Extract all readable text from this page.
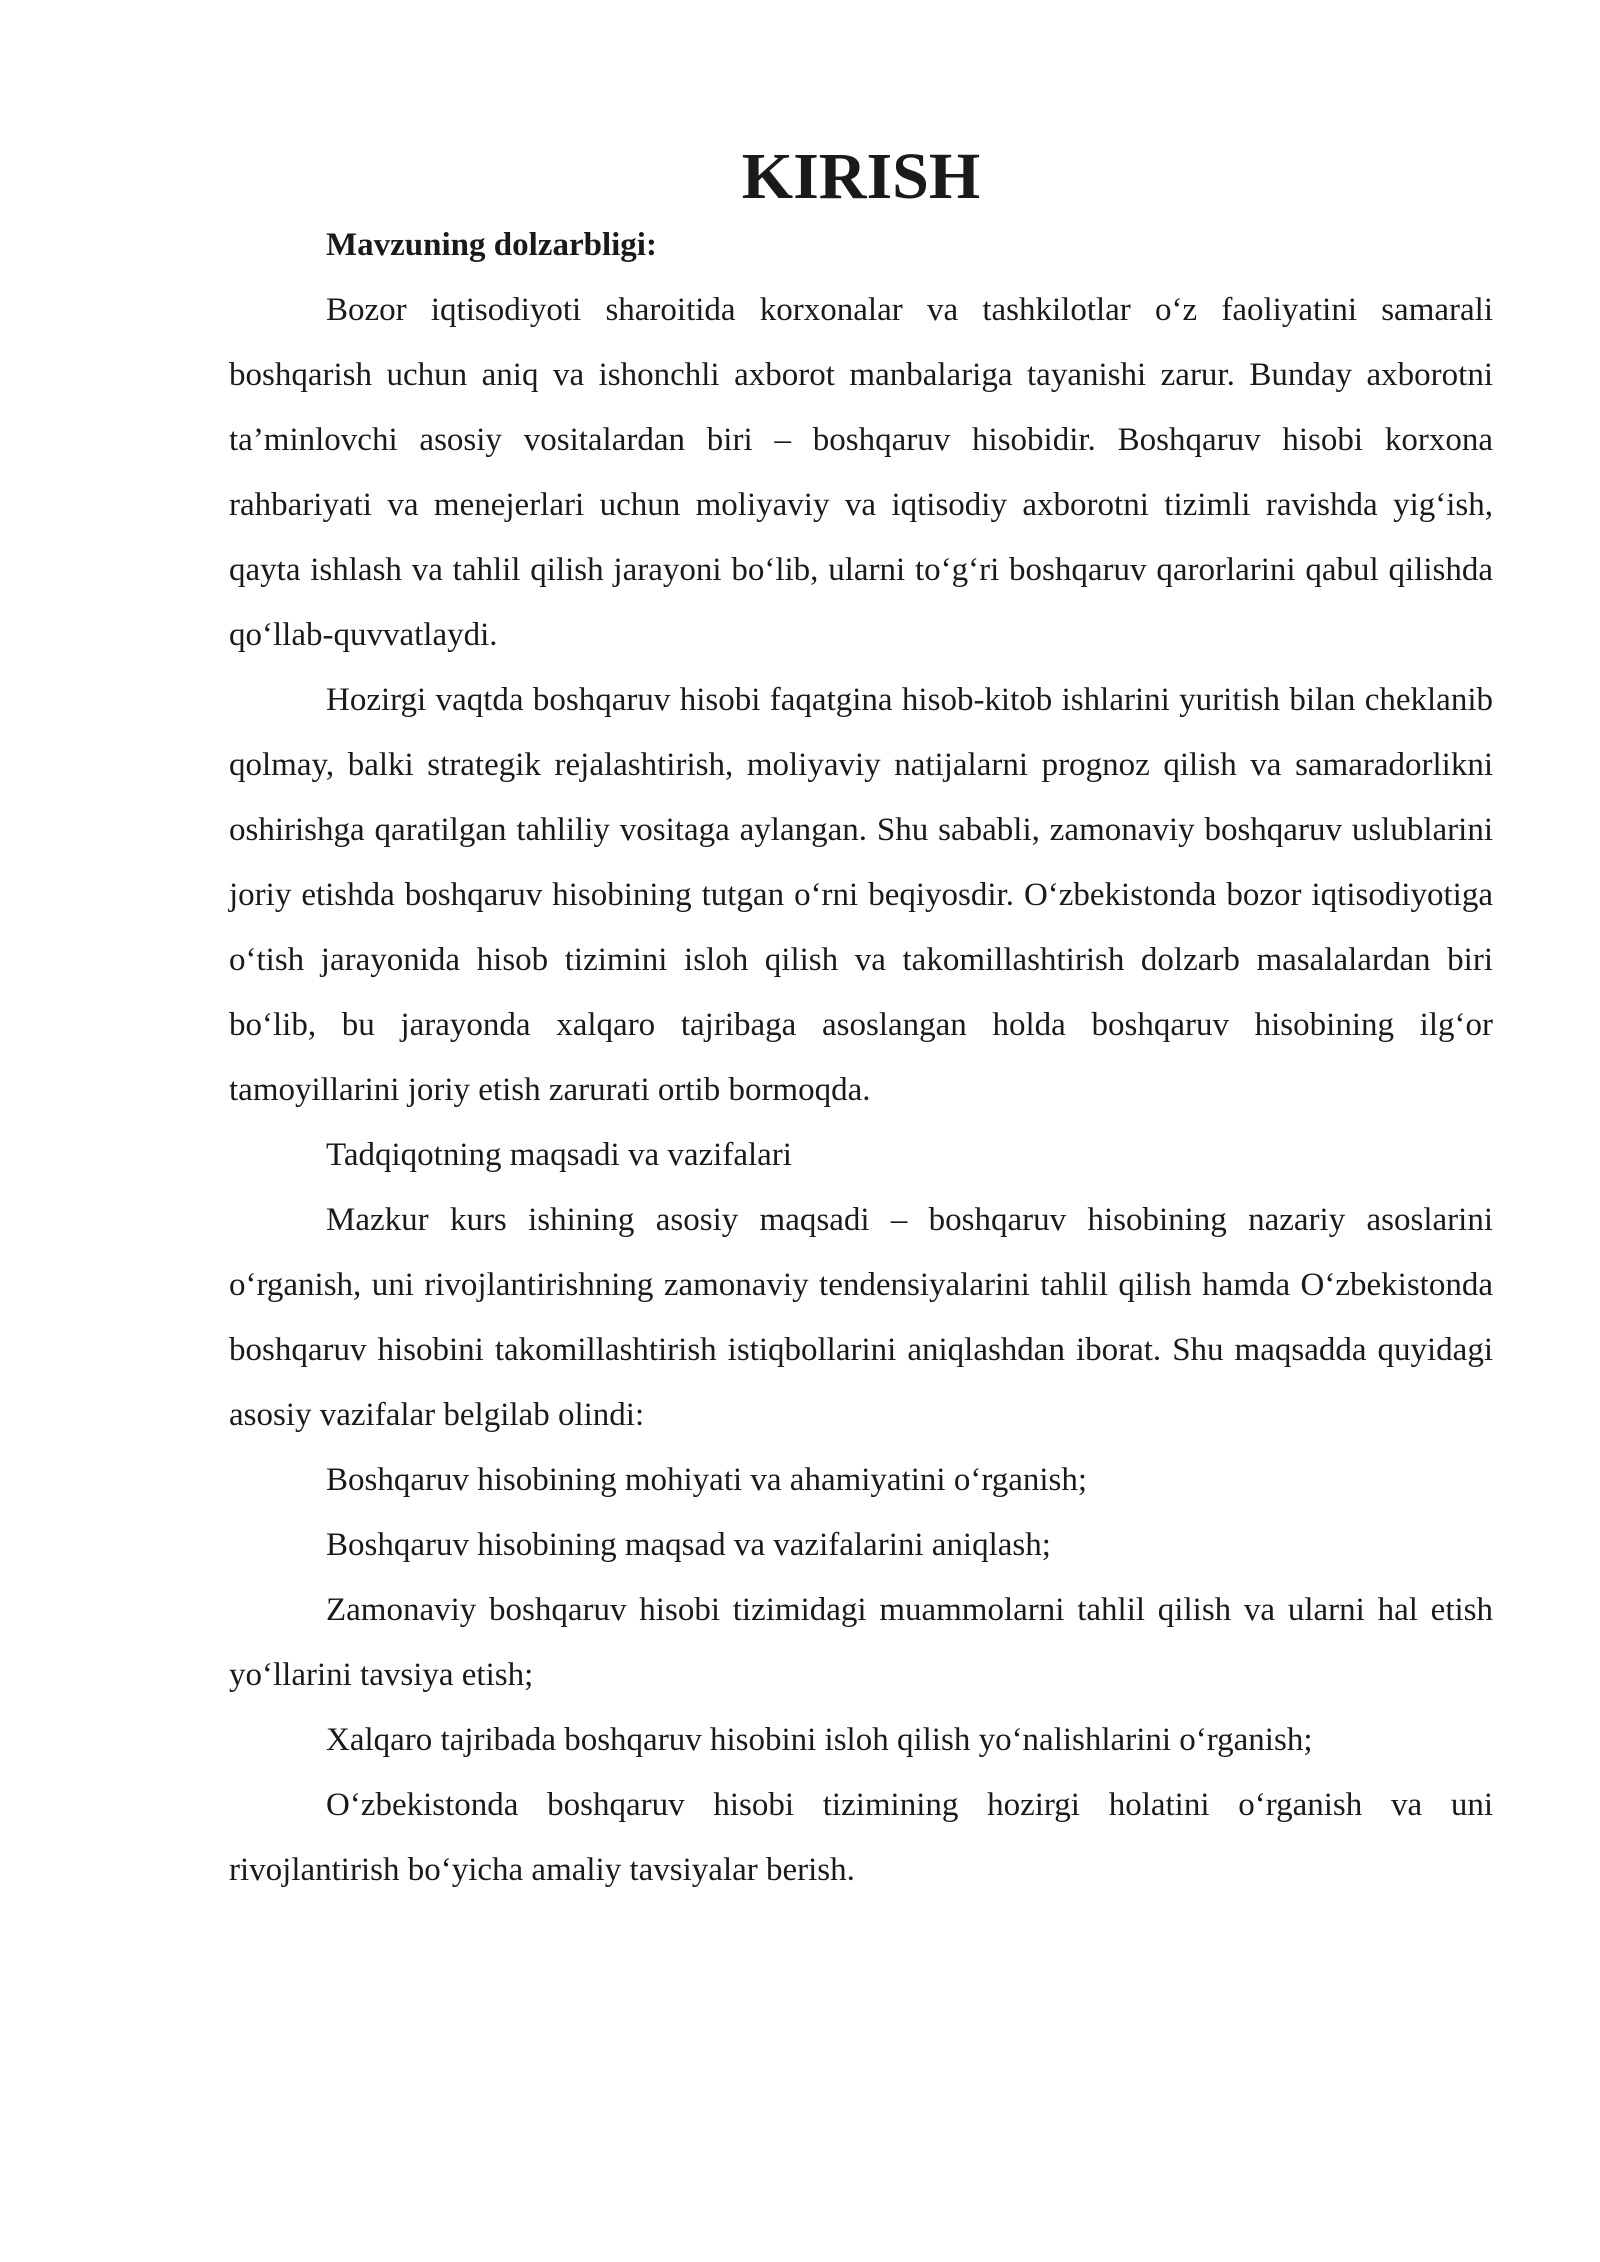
KIRISH

Mavzuning dolzarbligi:

Bozor iqtisodiyoti sharoitida korxonalar va tashkilotlar o‘z faoliyatini samarali boshqarish uchun aniq va ishonchli axborot manbalariga tayanishi zarur. Bunday axborotni ta’minlovchi asosiy vositalardan biri – boshqaruv hisobidir. Boshqaruv hisobi korxona rahbariyati va menejerlari uchun moliyaviy va iqtisodiy axborotni tizimli ravishda yig‘ish, qayta ishlash va tahlil qilish jarayoni bo‘lib, ularni to‘g‘ri boshqaruv qarorlarini qabul qilishda qo‘llab-quvvatlaydi.

Hozirgi vaqtda boshqaruv hisobi faqatgina hisob-kitob ishlarini yuritish bilan cheklanib qolmay, balki strategik rejalashtirish, moliyaviy natijalarni prognoz qilish va samaradorlikni oshirishga qaratilgan tahliliy vositaga aylangan. Shu sababli, zamonaviy boshqaruv uslublarini joriy etishda boshqaruv hisobining tutgan o‘rni beqiyosdir. O‘zbekistonda bozor iqtisodiyotiga o‘tish jarayonida hisob tizimini isloh qilish va takomillashtirish dolzarb masalalardan biri bo‘lib, bu jarayonda xalqaro tajribaga asoslangan holda boshqaruv hisobining ilg‘or tamoyillarini joriy etish zarurati ortib bormoqda.

Tadqiqotning maqsadi va vazifalari

Mazkur kurs ishining asosiy maqsadi – boshqaruv hisobining nazariy asoslarini o‘rganish, uni rivojlantirishning zamonaviy tendensiyalarini tahlil qilish hamda O‘zbekistonda boshqaruv hisobini takomillashtirish istiqbollarini aniqlashdan iborat. Shu maqsadda quyidagi asosiy vazifalar belgilab olindi:

Boshqaruv hisobining mohiyati va ahamiyatini o‘rganish;

Boshqaruv hisobining maqsad va vazifalarini aniqlash;

Zamonaviy boshqaruv hisobi tizimidagi muammolarni tahlil qilish va ularni hal etish yo‘llarini tavsiya etish;

Xalqaro tajribada boshqaruv hisobini isloh qilish yo‘nalishlarini o‘rganish;

O‘zbekistonda boshqaruv hisobi tizimining hozirgi holatini o‘rganish va uni rivojlantirish bo‘yicha amaliy tavsiyalar berish.
